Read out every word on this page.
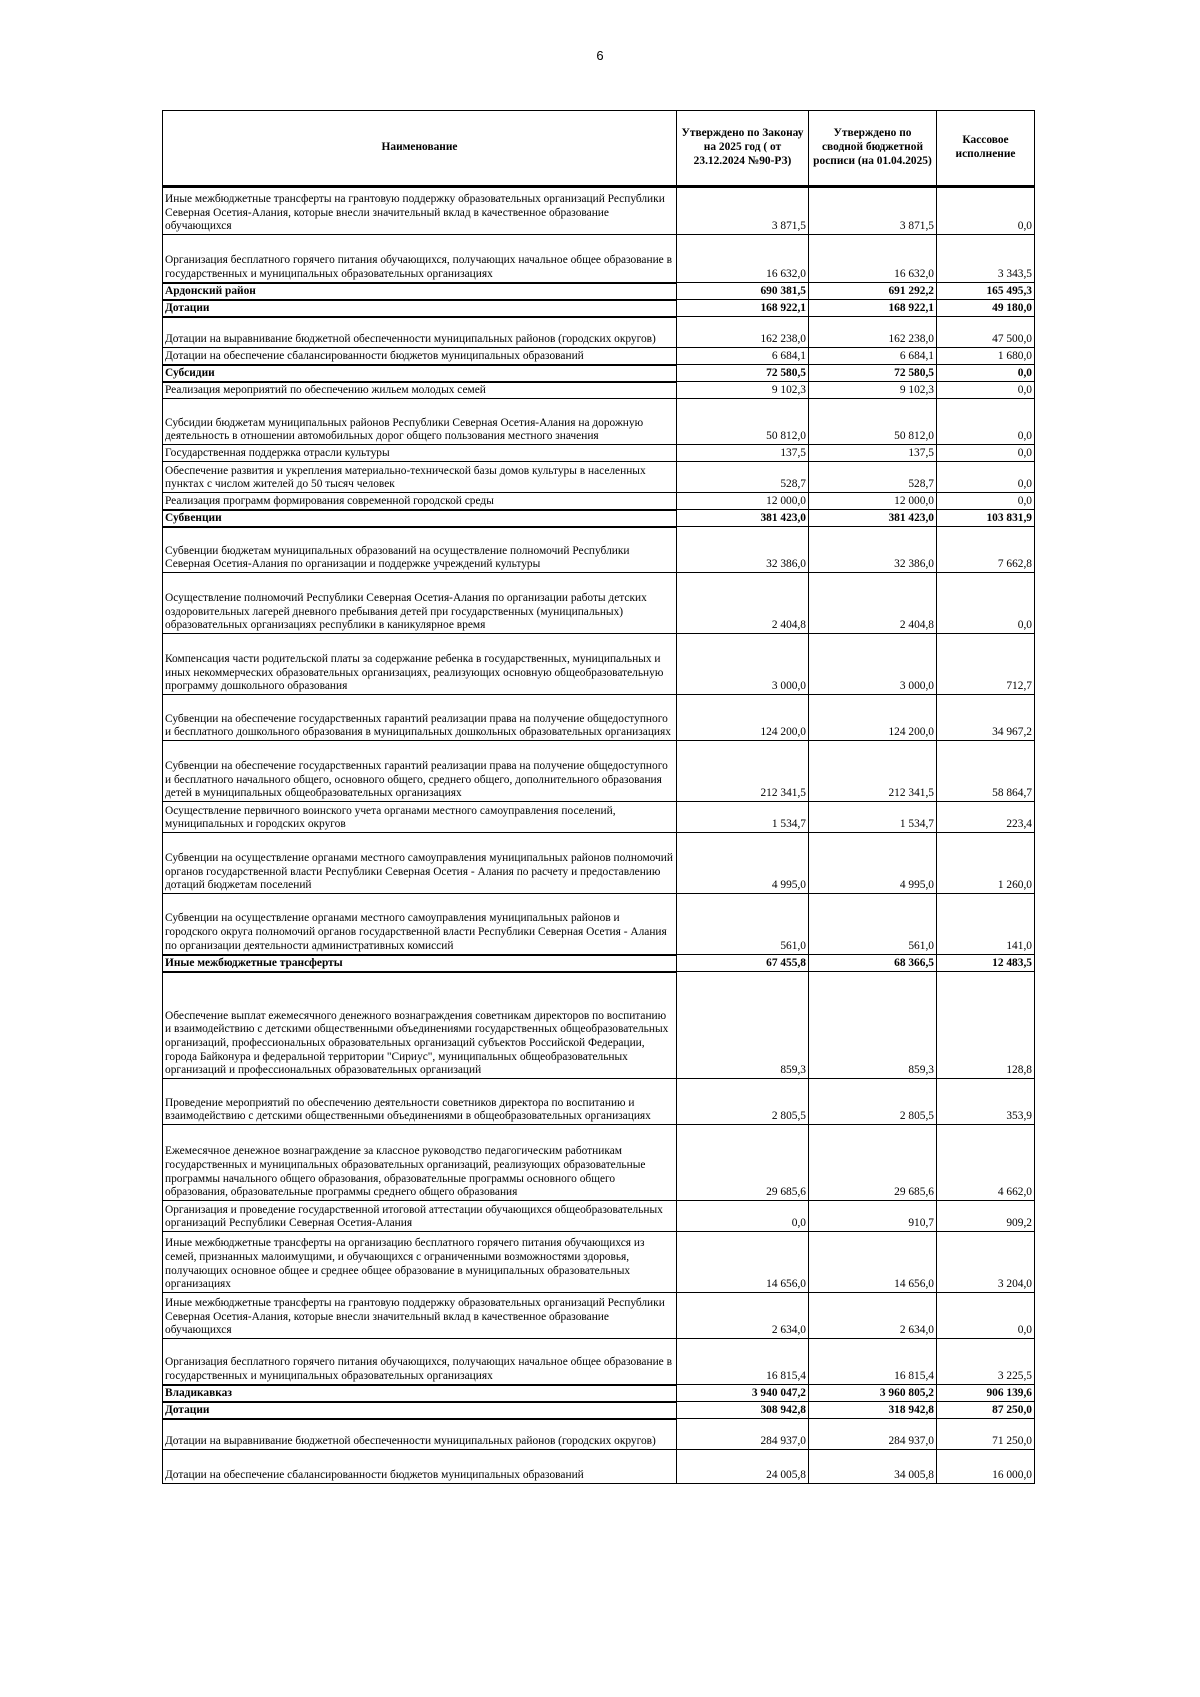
6
Наименование	Утверждено по Законау на 2025 год ( от 23.12.2024 №90-РЗ)	Утверждено по сводной бюджетной росписи (на 01.04.2025)	Кассовое исполнение
Иные межбюджетные трансферты на грантовую поддержку образовательных организаций Республики Северная Осетия-Алания, которые внесли значительный вклад в качественное образование обучающихся	3 871,5	3 871,5	0,0
Организация бесплатного горячего питания обучающихся, получающих начальное общее образование в государственных и муниципальных образовательных организациях	16 632,0	16 632,0	3 343,5
Ардонский район	690 381,5	691 292,2	165 495,3
Дотации	168 922,1	168 922,1	49 180,0
Дотации на выравнивание бюджетной обеспеченности муниципальных районов (городских округов)	162 238,0	162 238,0	47 500,0
Дотации на обеспечение сбалансированности бюджетов муниципальных образований	6 684,1	6 684,1	1 680,0
Субсидии	72 580,5	72 580,5	0,0
Реализация мероприятий по обеспечению жильем молодых семей	9 102,3	9 102,3	0,0
Субсидии бюджетам муниципальных районов Республики Северная Осетия-Алания на дорожную деятельность в отношении автомобильных дорог общего пользования местного значения	50 812,0	50 812,0	0,0
Государственная поддержка отрасли культуры	137,5	137,5	0,0
Обеспечение развития и укрепления материально-технической базы домов культуры в населенных пунктах с числом жителей до 50 тысяч человек	528,7	528,7	0,0
Реализация программ формирования современной городской среды	12 000,0	12 000,0	0,0
Субвенции	381 423,0	381 423,0	103 831,9
Субвенции бюджетам муниципальных образований на осуществление полномочий Республики Северная Осетия-Алания по организации и поддержке учреждений культуры	32 386,0	32 386,0	7 662,8
Осуществление полномочий Республики Северная Осетия-Алания по организации работы детских оздоровительных лагерей дневного пребывания детей при государственных (муниципальных) образовательных организациях республики в каникулярное время	2 404,8	2 404,8	0,0
Компенсация части родительской платы за содержание ребенка в государственных, муниципальных и иных некоммерческих образовательных организациях, реализующих основную общеобразовательную программу дошкольного образования	3 000,0	3 000,0	712,7
Субвенции на обеспечение государственных гарантий реализации права на получение общедоступного и бесплатного дошкольного образования в муниципальных дошкольных образовательных организациях	124 200,0	124 200,0	34 967,2
Субвенции на обеспечение государственных гарантий реализации права на получение общедоступного и бесплатного начального общего, основного общего, среднего общего, дополнительного образования детей в муниципальных общеобразовательных организациях	212 341,5	212 341,5	58 864,7
Осуществление первичного воинского учета органами местного самоуправления поселений, муниципальных и городских округов	1 534,7	1 534,7	223,4
Субвенции на осуществление органами местного самоуправления муниципальных районов полномочий органов государственной власти Республики Северная Осетия - Алания по расчету и предоставлению дотаций бюджетам поселений	4 995,0	4 995,0	1 260,0
Субвенции на осуществление органами местного самоуправления муниципальных районов и городского округа полномочий органов государственной власти Республики Северная Осетия - Алания по организации деятельности административных комиссий	561,0	561,0	141,0
Иные межбюджетные трансферты	67 455,8	68 366,5	12 483,5
Обеспечение выплат ежемесячного денежного вознаграждения советникам директоров по воспитанию и взаимодействию с детскими общественными объединениями государственных общеобразовательных организаций, профессиональных образовательных организаций субъектов Российской Федерации, города Байконура и федеральной территории "Сириус", муниципальных общеобразовательных организаций и профессиональных образовательных организаций	859,3	859,3	128,8
Проведение мероприятий по обеспечению деятельности советников директора по воспитанию и взаимодействию с детскими общественными объединениями в общеобразовательных организациях	2 805,5	2 805,5	353,9
Ежемесячное денежное вознаграждение за классное руководство педагогическим работникам государственных и муниципальных образовательных организаций, реализующих образовательные программы начального общего образования, образовательные программы основного общего образования, образовательные программы среднего общего образования	29 685,6	29 685,6	4 662,0
Организация и проведение государственной итоговой аттестации обучающихся общеобразовательных организаций Республики Северная Осетия-Алания	0,0	910,7	909,2
Иные межбюджетные трансферты на организацию бесплатного горячего питания обучающихся из семей, признанных малоимущими, и обучающихся с ограниченными возможностями здоровья, получающих основное общее и среднее общее образование в муниципальных образовательных организациях	14 656,0	14 656,0	3 204,0
Иные межбюджетные трансферты на грантовую поддержку образовательных организаций Республики Северная Осетия-Алания, которые внесли значительный вклад в качественное образование обучающихся	2 634,0	2 634,0	0,0
Организация бесплатного горячего питания обучающихся, получающих начальное общее образование в государственных и муниципальных образовательных организациях	16 815,4	16 815,4	3 225,5
Владикавказ	3 940 047,2	3 960 805,2	906 139,6
Дотации	308 942,8	318 942,8	87 250,0
Дотации на выравнивание бюджетной обеспеченности муниципальных районов (городских округов)	284 937,0	284 937,0	71 250,0
Дотации на обеспечение сбалансированности бюджетов муниципальных образований	24 005,8	34 005,8	16 000,0
